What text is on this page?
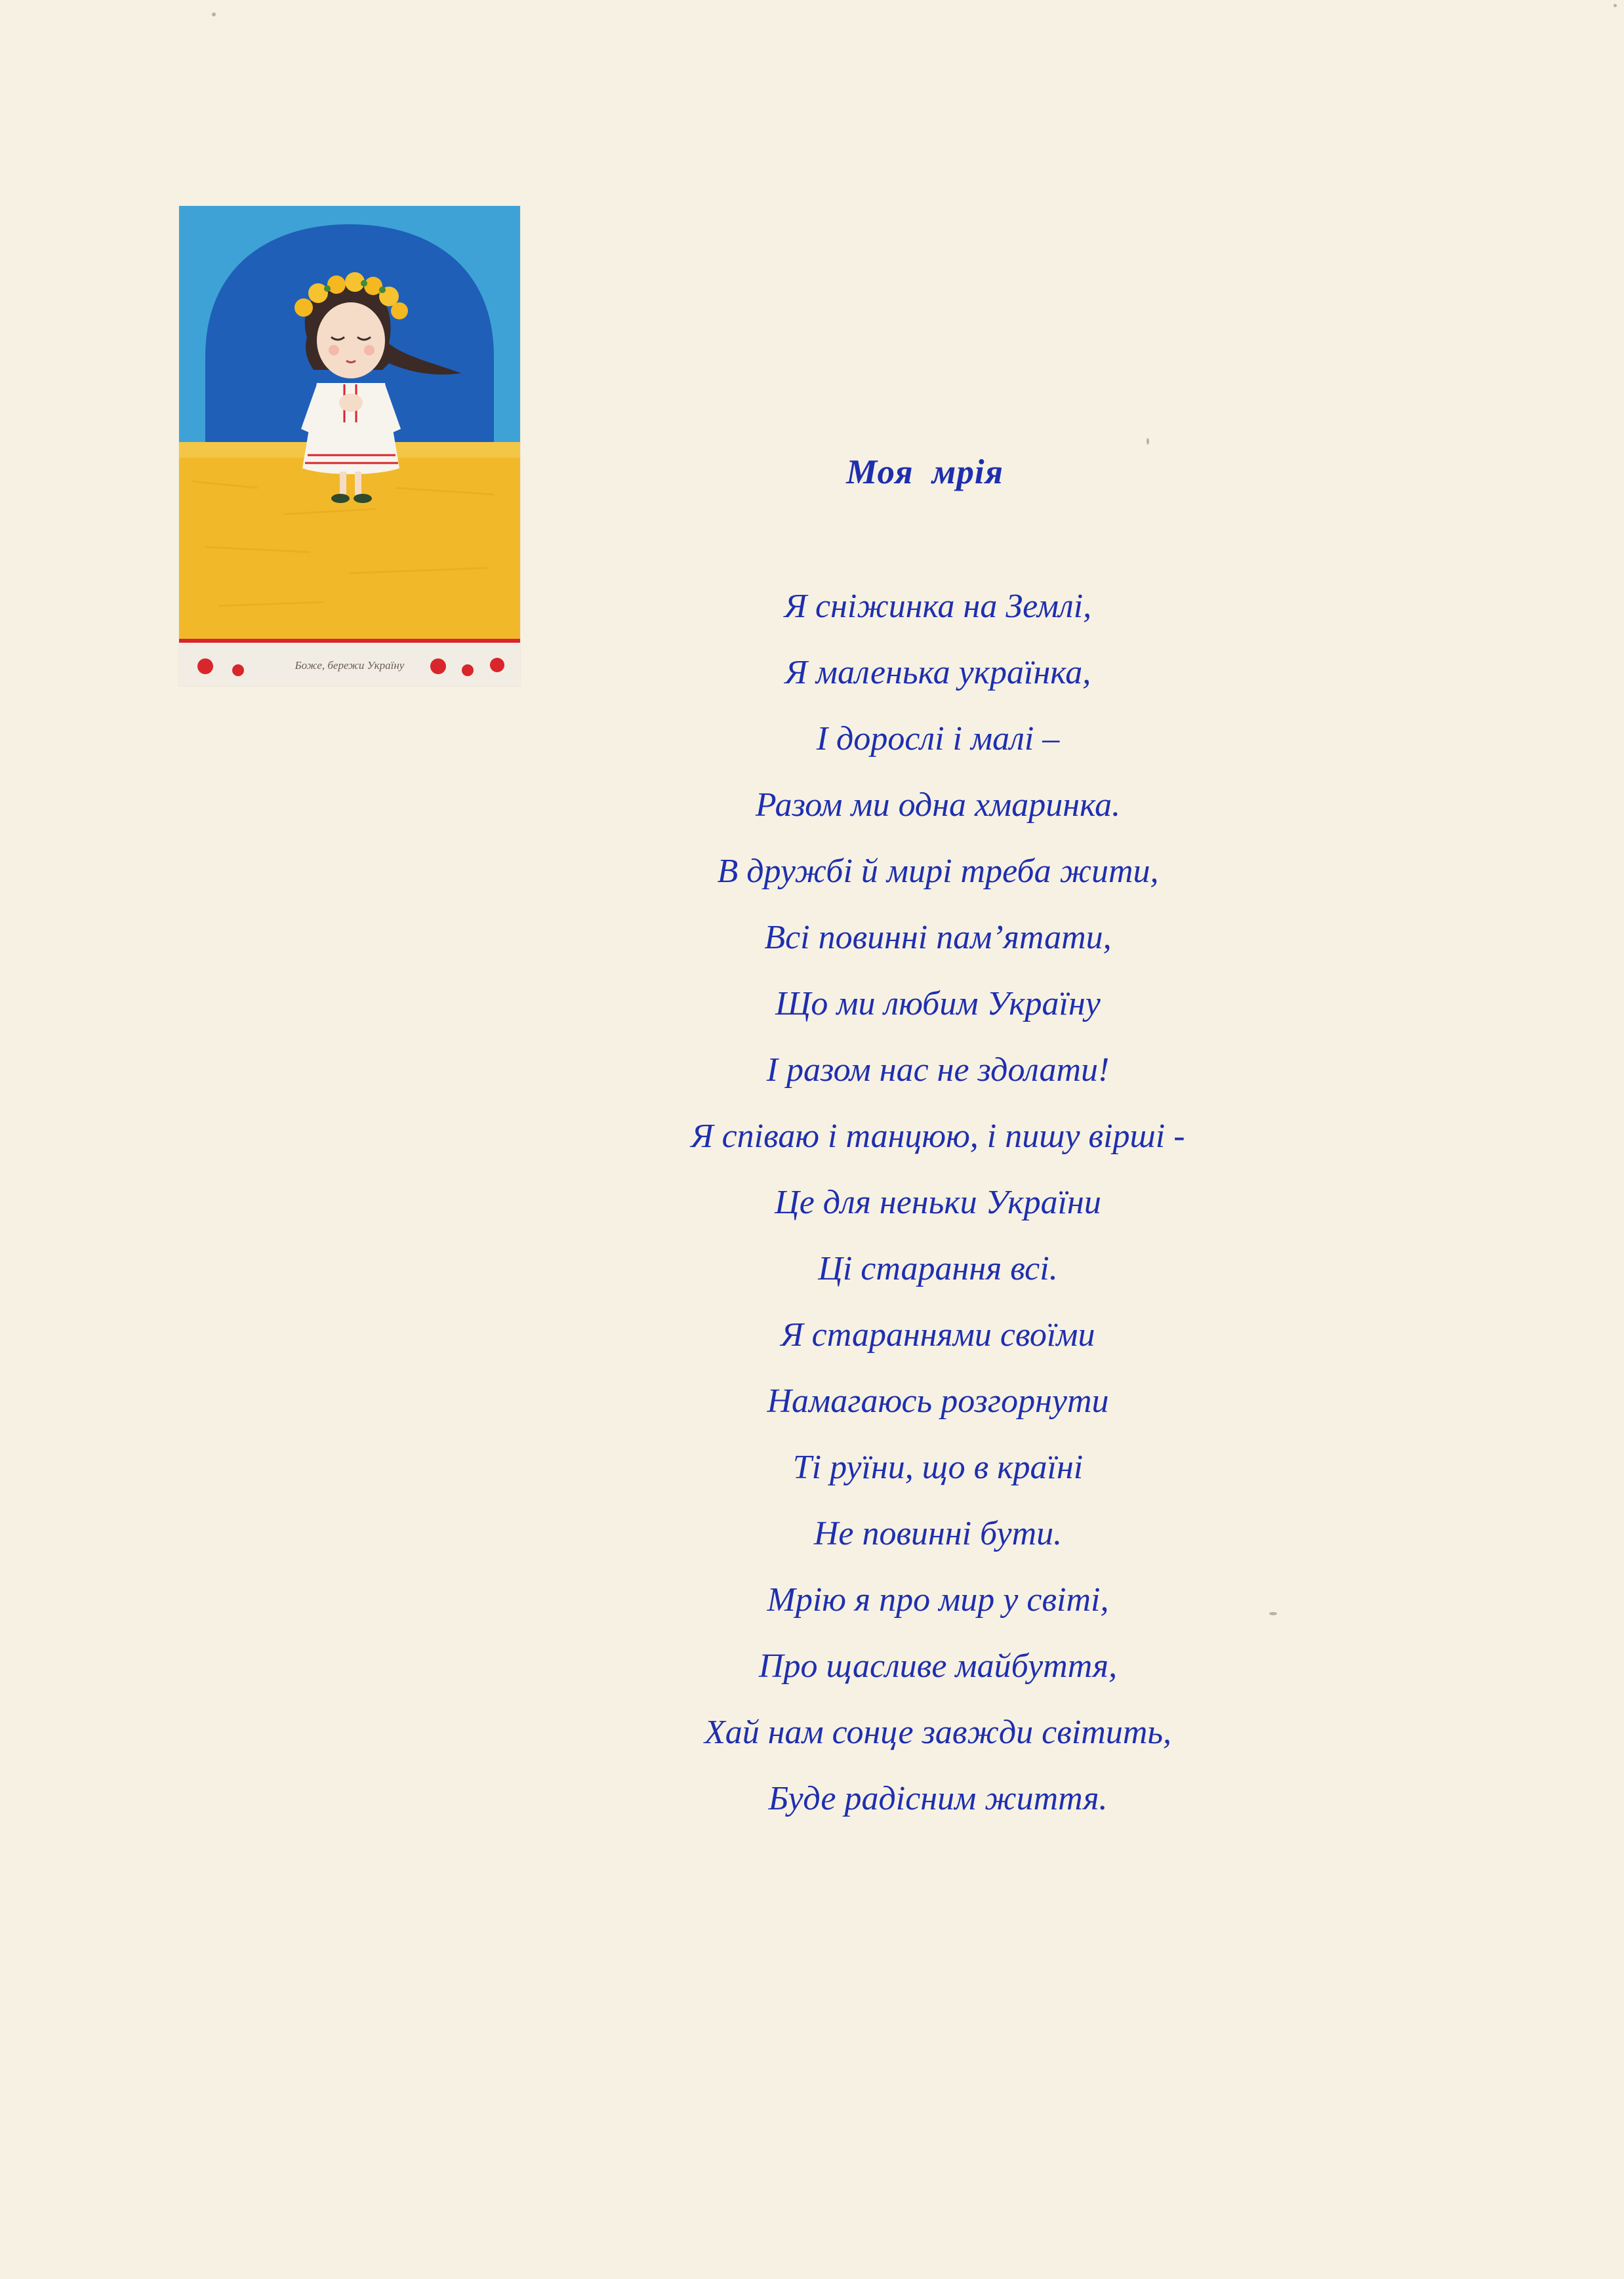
Боже, бережи Україну
Моя  мрія
Я сніжинка на Землі,
Я маленька українка,
І дорослі і малі –
Разом ми одна хмаринка.
В дружбі й мирі треба жити,
Всі повинні пам’ятати,
Що ми любим Україну
І разом нас не здолати!
Я співаю і танцюю, і пишу вірші -
Це для неньки України
Ці старання всі.
Я стараннями своїми
Намагаюсь розгорнути
Ті руїни, що в країні
Не повинні бути.
Мрію я про мир у світі,
Про щасливе майбуття,
Хай нам сонце завжди світить,
Буде радісним життя.
